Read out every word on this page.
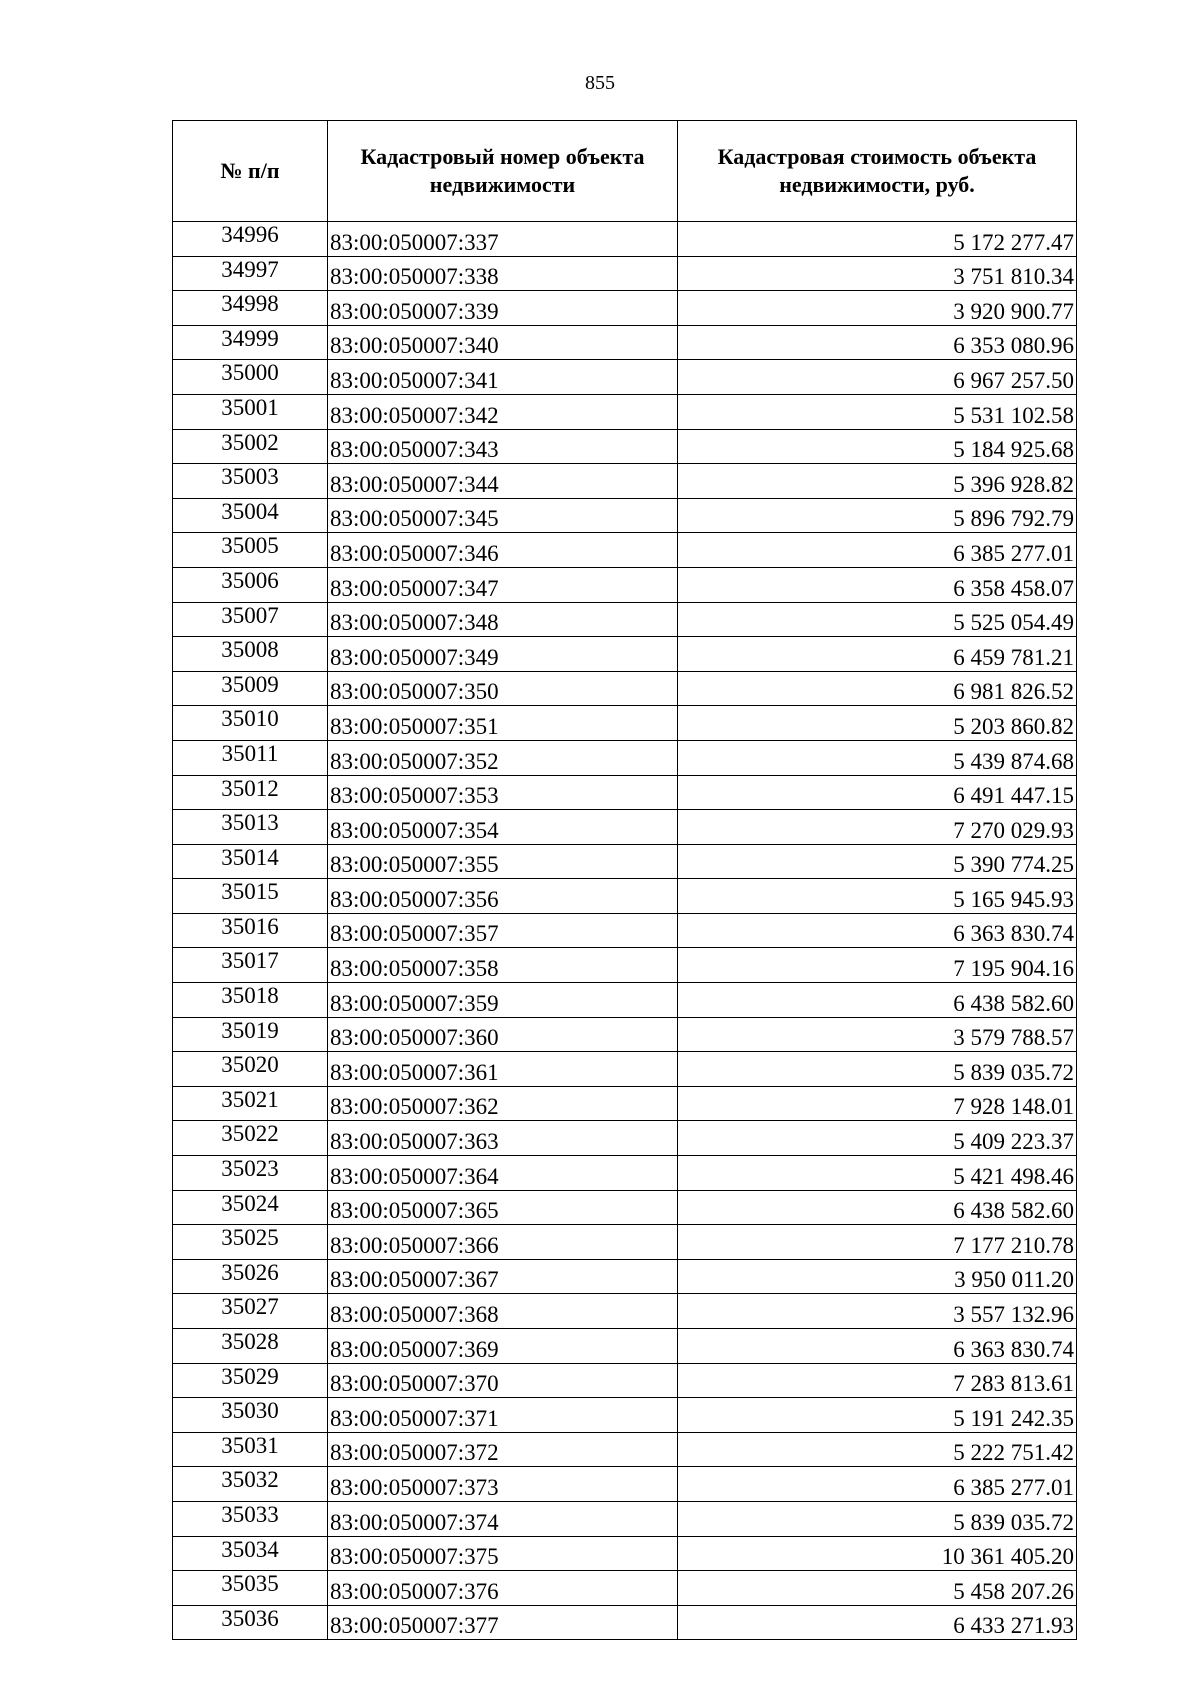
855
№ п/п	Кадастровый номер объекта недвижимости	Кадастровая стоимость объекта недвижимости, руб.
34996	83:00:050007:337	5 172 277.47
34997	83:00:050007:338	3 751 810.34
34998	83:00:050007:339	3 920 900.77
34999	83:00:050007:340	6 353 080.96
35000	83:00:050007:341	6 967 257.50
35001	83:00:050007:342	5 531 102.58
35002	83:00:050007:343	5 184 925.68
35003	83:00:050007:344	5 396 928.82
35004	83:00:050007:345	5 896 792.79
35005	83:00:050007:346	6 385 277.01
35006	83:00:050007:347	6 358 458.07
35007	83:00:050007:348	5 525 054.49
35008	83:00:050007:349	6 459 781.21
35009	83:00:050007:350	6 981 826.52
35010	83:00:050007:351	5 203 860.82
35011	83:00:050007:352	5 439 874.68
35012	83:00:050007:353	6 491 447.15
35013	83:00:050007:354	7 270 029.93
35014	83:00:050007:355	5 390 774.25
35015	83:00:050007:356	5 165 945.93
35016	83:00:050007:357	6 363 830.74
35017	83:00:050007:358	7 195 904.16
35018	83:00:050007:359	6 438 582.60
35019	83:00:050007:360	3 579 788.57
35020	83:00:050007:361	5 839 035.72
35021	83:00:050007:362	7 928 148.01
35022	83:00:050007:363	5 409 223.37
35023	83:00:050007:364	5 421 498.46
35024	83:00:050007:365	6 438 582.60
35025	83:00:050007:366	7 177 210.78
35026	83:00:050007:367	3 950 011.20
35027	83:00:050007:368	3 557 132.96
35028	83:00:050007:369	6 363 830.74
35029	83:00:050007:370	7 283 813.61
35030	83:00:050007:371	5 191 242.35
35031	83:00:050007:372	5 222 751.42
35032	83:00:050007:373	6 385 277.01
35033	83:00:050007:374	5 839 035.72
35034	83:00:050007:375	10 361 405.20
35035	83:00:050007:376	5 458 207.26
35036	83:00:050007:377	6 433 271.93
